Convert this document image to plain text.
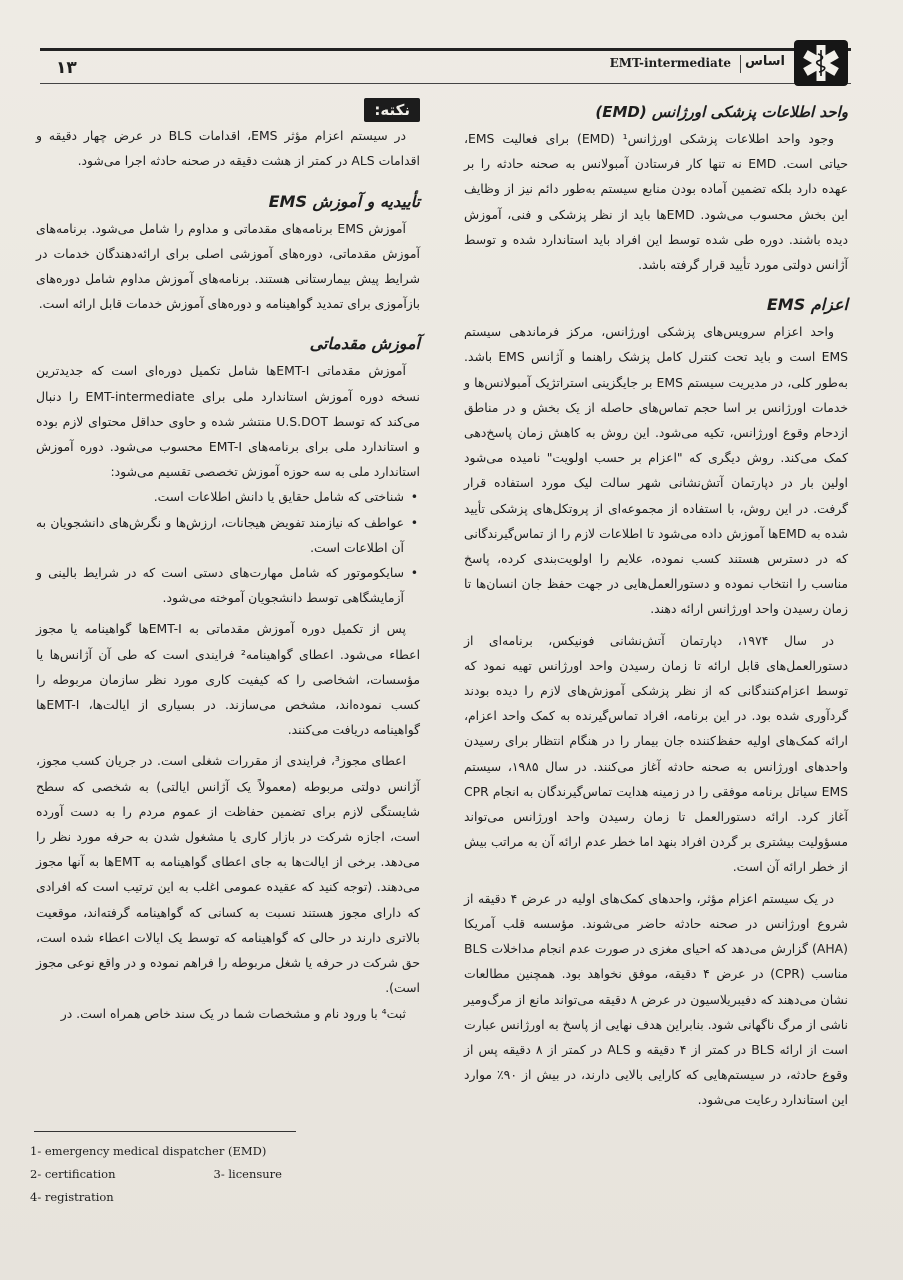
اساس
EMT-intermediate
۱۳
واحد اطلاعات پزشکی اورژانس (EMD)

وجود واحد اطلاعات پزشکی اورژانس¹ (EMD) برای فعالیت EMS، حیاتی است. EMD نه تنها کار فرستادن آمبولانس به صحنه حادثه را بر عهده دارد بلکه تضمین آماده بودن منابع سیستم به‌طور دائم نیز از وظایف این بخش محسوب می‌شود. EMDها باید از نظر پزشکی و فنی، آموزش دیده باشند. دوره طی شده توسط این افراد باید استاندارد شده و توسط آژانس دولتی مورد تأیید قرار گرفته باشد.

اعزام EMS

واحد اعزام سرویس‌های پزشکی اورژانس، مرکز فرماندهی سیستم EMS است و باید تحت کنترل کامل پزشک راهنما و آژانس EMS باشد. به‌طور کلی، در مدیریت سیستم EMS بر جایگزینی استراتژیک آمبولانس‌ها و خدمات اورژانس بر اسا حجم تماس‌های حاصله از یک بخش و در مناطق ازدحام وقوع اورژانس، تکیه می‌شود. این روش به کاهش زمان پاسخ‌دهی کمک می‌کند. روش دیگری که "اعزام بر حسب اولویت" نامیده می‌شود اولین بار در دپارتمان آتش‌نشانی شهر سالت لیک مورد استفاده قرار گرفت. در این روش، با استفاده از مجموعه‌ای از پروتکل‌های پزشکی تأیید شده به EMDها آموزش داده می‌شود تا اطلاعات لازم را از تماس‌گیرندگانی که در دسترس هستند کسب نموده، علایم را اولویت‌بندی کرده، پاسخ مناسب را انتخاب نموده و دستورالعمل‌هایی در جهت حفظ جان انسان‌ها تا زمان رسیدن واحد اورژانس ارائه دهند.

در سال ۱۹۷۴، دپارتمان آتش‌نشانی فونیکس، برنامه‌ای از دستورالعمل‌های قابل ارائه تا زمان رسیدن واحد اورژانس تهیه نمود که توسط اعزام‌کنندگانی که از نظر پزشکی آموزش‌های لازم را دیده بودند گردآوری شده بود. در این برنامه، افراد تماس‌گیرنده به کمک واحد اعزام، ارائه کمک‌های اولیه حفظ‌کننده جان بیمار را در هنگام انتظار برای رسیدن واحدهای اورژانس به صحنه حادثه آغاز می‌کنند. در سال ۱۹۸۵، سیستم EMS سیاتل برنامه موفقی را در زمینه هدایت تماس‌گیرندگان به انجام CPR آغاز کرد. ارائه دستورالعمل تا زمان رسیدن واحد اورژانس می‌تواند مسؤولیت بیشتری بر گردن افراد بنهد اما خطر عدم ارائه آن به مراتب بیش از خطر ارائه آن است.

در یک سیستم اعزام مؤثر، واحدهای کمک‌های اولیه در عرض ۴ دقیقه از شروع اورژانس در صحنه حادثه حاضر می‌شوند. مؤسسه قلب آمریکا (AHA) گزارش می‌دهد که احیای مغزی در صورت عدم انجام مداخلات BLS مناسب (CPR) در عرض ۴ دقیقه، موفق نخواهد بود. همچنین مطالعات نشان می‌دهند که دفیبریلاسیون در عرض ۸ دقیقه می‌تواند مانع از مرگ‌ومیر ناشی از مرگ ناگهانی شود. بنابراین هدف نهایی از پاسخ به اورژانس عبارت است از ارائه BLS در کمتر از ۴ دقیقه و ALS در کمتر از ۸ دقیقه پس از وقوع حادثه، در سیستم‌هایی که کارایی بالایی دارند، در بیش از ۹۰٪ موارد این استاندارد رعایت می‌شود.

نکته:

در سیستم اعزام مؤثر EMS، اقدامات BLS در عرض چهار دقیقه و اقدامات ALS در کمتر از هشت دقیقه در صحنه حادثه اجرا می‌شود.

تأییدیه و آموزش EMS

آموزش EMS برنامه‌های مقدماتی و مداوم را شامل می‌شود. برنامه‌های آموزش مقدماتی، دوره‌های آموزشی اصلی برای ارائه‌دهندگان خدمات در شرایط پیش بیمارستانی هستند. برنامه‌های آموزش مداوم شامل دوره‌های بازآموزی برای تمدید گواهینامه و دوره‌های آموزش خدمات قابل ارائه است.

آموزش مقدماتی

آموزش مقدماتی EMT-Iها شامل تکمیل دوره‌ای است که جدیدترین نسخه دوره آموزش استاندارد ملی برای EMT-intermediate را دنبال می‌کند که توسط U.S.DOT منتشر شده و حاوی حداقل محتوای لازم بوده و استاندارد ملی برای برنامه‌های EMT-I محسوب می‌شود. دوره آموزش استاندارد ملی به سه حوزه آموزش تخصصی تقسیم می‌شود:

• شناختی که شامل حقایق یا دانش اطلاعات است.
• عواطف که نیازمند تفویض هیجانات، ارزش‌ها و نگرش‌های دانشجویان به آن اطلاعات است.
• سایکوموتور که شامل مهارت‌های دستی است که در شرایط بالینی و آزمایشگاهی توسط دانشجویان آموخته می‌شود.

پس از تکمیل دوره آموزش مقدماتی به EMT-Iها گواهینامه یا مجوز اعطاء می‌شود. اعطای گواهینامه² فرایندی است که طی آن آژانس‌ها یا مؤسسات، اشخاصی را که کیفیت کاری مورد نظر سازمان مربوطه را کسب نموده‌اند، مشخص می‌سازند. در بسیاری از ایالت‌ها، EMT-Iها گواهینامه دریافت می‌کنند.

اعطای مجوز³، فرایندی از مقررات شغلی است. در جریان کسب مجوز، آژانس دولتی مربوطه (معمولاً یک آژانس ایالتی) به شخصی که سطح شایستگی لازم برای تضمین حفاظت از عموم مردم را به دست آورده است، اجازه شرکت در بازار کاری یا مشغول شدن به حرفه مورد نظر را می‌دهد. برخی از ایالت‌ها به جای اعطای گواهینامه به EMTها به آنها مجوز می‌دهند. (توجه کنید که عقیده عمومی اغلب به این ترتیب است که افرادی که دارای مجوز هستند نسبت به کسانی که گواهینامه گرفته‌اند، موقعیت بالاتری دارند در حالی که گواهینامه که توسط یک ایالات اعطاء شده است، حق شرکت در حرفه یا شغل مربوطه را فراهم نموده و در واقع نوعی مجوز است).

ثبت⁴ با ورود نام و مشخصات شما در یک سند خاص همراه است. در

1- emergency medical dispatcher (EMD)
2- certification	3- licensure
4- registration
